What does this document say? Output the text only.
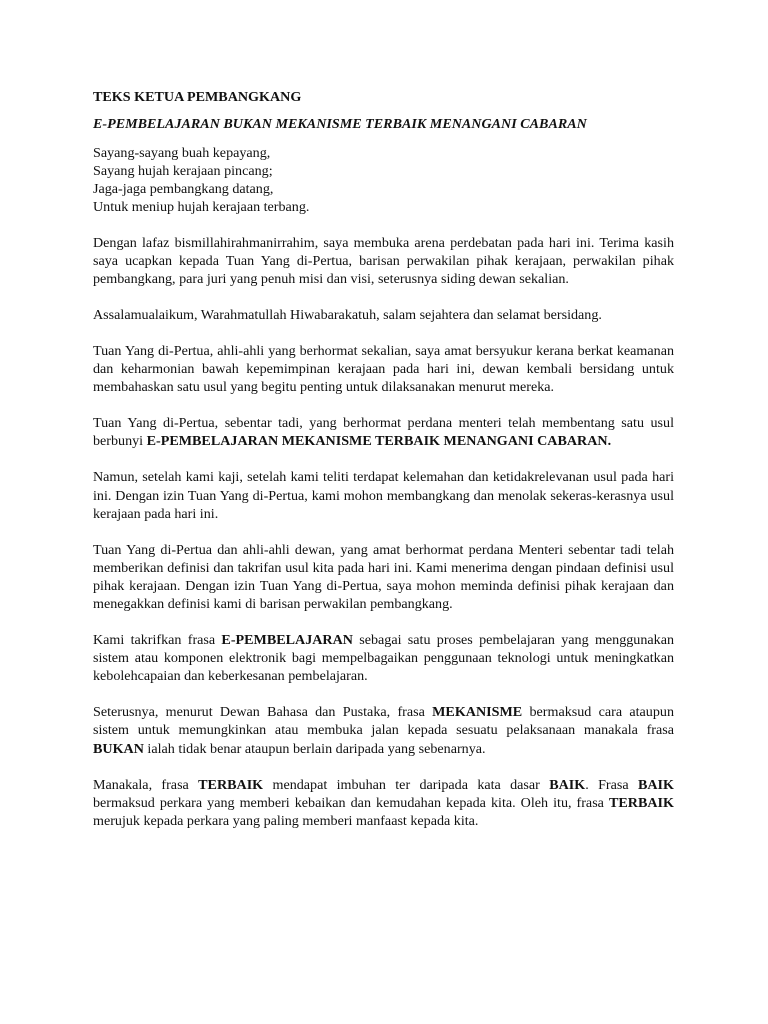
TEKS KETUA PEMBANGKANG
E-PEMBELAJARAN BUKAN MEKANISME TERBAIK MENANGANI CABARAN
Sayang-sayang buah kepayang,
Sayang hujah kerajaan pincang;
Jaga-jaga pembangkang datang,
Untuk meniup hujah kerajaan terbang.

Dengan lafaz bismillahirahmanirrahim, saya membuka arena perdebatan pada hari ini. Terima kasih saya ucapkan kepada Tuan Yang di-Pertua, barisan perwakilan pihak kerajaan, perwakilan pihak pembangkang, para juri yang penuh misi dan visi, seterusnya siding dewan sekalian.

Assalamualaikum, Warahmatullah Hiwabarakatuh, salam sejahtera dan selamat bersidang.

Tuan Yang di-Pertua, ahli-ahli yang berhormat sekalian, saya amat bersyukur kerana berkat keamanan dan keharmonian bawah kepemimpinan kerajaan pada hari ini, dewan kembali bersidang untuk membahaskan satu usul yang begitu penting untuk dilaksanakan menurut mereka.

Tuan Yang di-Pertua, sebentar tadi, yang berhormat perdana menteri telah membentang satu usul berbunyi E-PEMBELAJARAN MEKANISME TERBAIK MENANGANI CABARAN.

Namun, setelah kami kaji, setelah kami teliti terdapat kelemahan dan ketidakrelevanan usul pada hari ini. Dengan izin Tuan Yang di-Pertua, kami mohon membangkang dan menolak sekeras-kerasnya usul kerajaan pada hari ini.

Tuan Yang di-Pertua dan ahli-ahli dewan, yang amat berhormat perdana Menteri sebentar tadi telah memberikan definisi dan takrifan usul kita pada hari ini. Kami menerima dengan pindaan definisi usul pihak kerajaan. Dengan izin Tuan Yang di-Pertua, saya mohon meminda definisi pihak kerajaan dan menegakkan definisi kami di barisan perwakilan pembangkang.

Kami takrifkan frasa E-PEMBELAJARAN sebagai satu proses pembelajaran yang menggunakan sistem atau komponen elektronik bagi mempelbagaikan penggunaan teknologi untuk meningkatkan kebolehcapaian dan keberkesanan pembelajaran.

Seterusnya, menurut Dewan Bahasa dan Pustaka, frasa MEKANISME bermaksud cara ataupun sistem untuk memungkinkan atau membuka jalan kepada sesuatu pelaksanaan manakala frasa BUKAN ialah tidak benar ataupun berlain daripada yang sebenarnya.

Manakala, frasa TERBAIK mendapat imbuhan ter daripada kata dasar BAIK. Frasa BAIK bermaksud perkara yang memberi kebaikan dan kemudahan kepada kita. Oleh itu, frasa TERBAIK merujuk kepada perkara yang paling memberi manfaast kepada kita.
